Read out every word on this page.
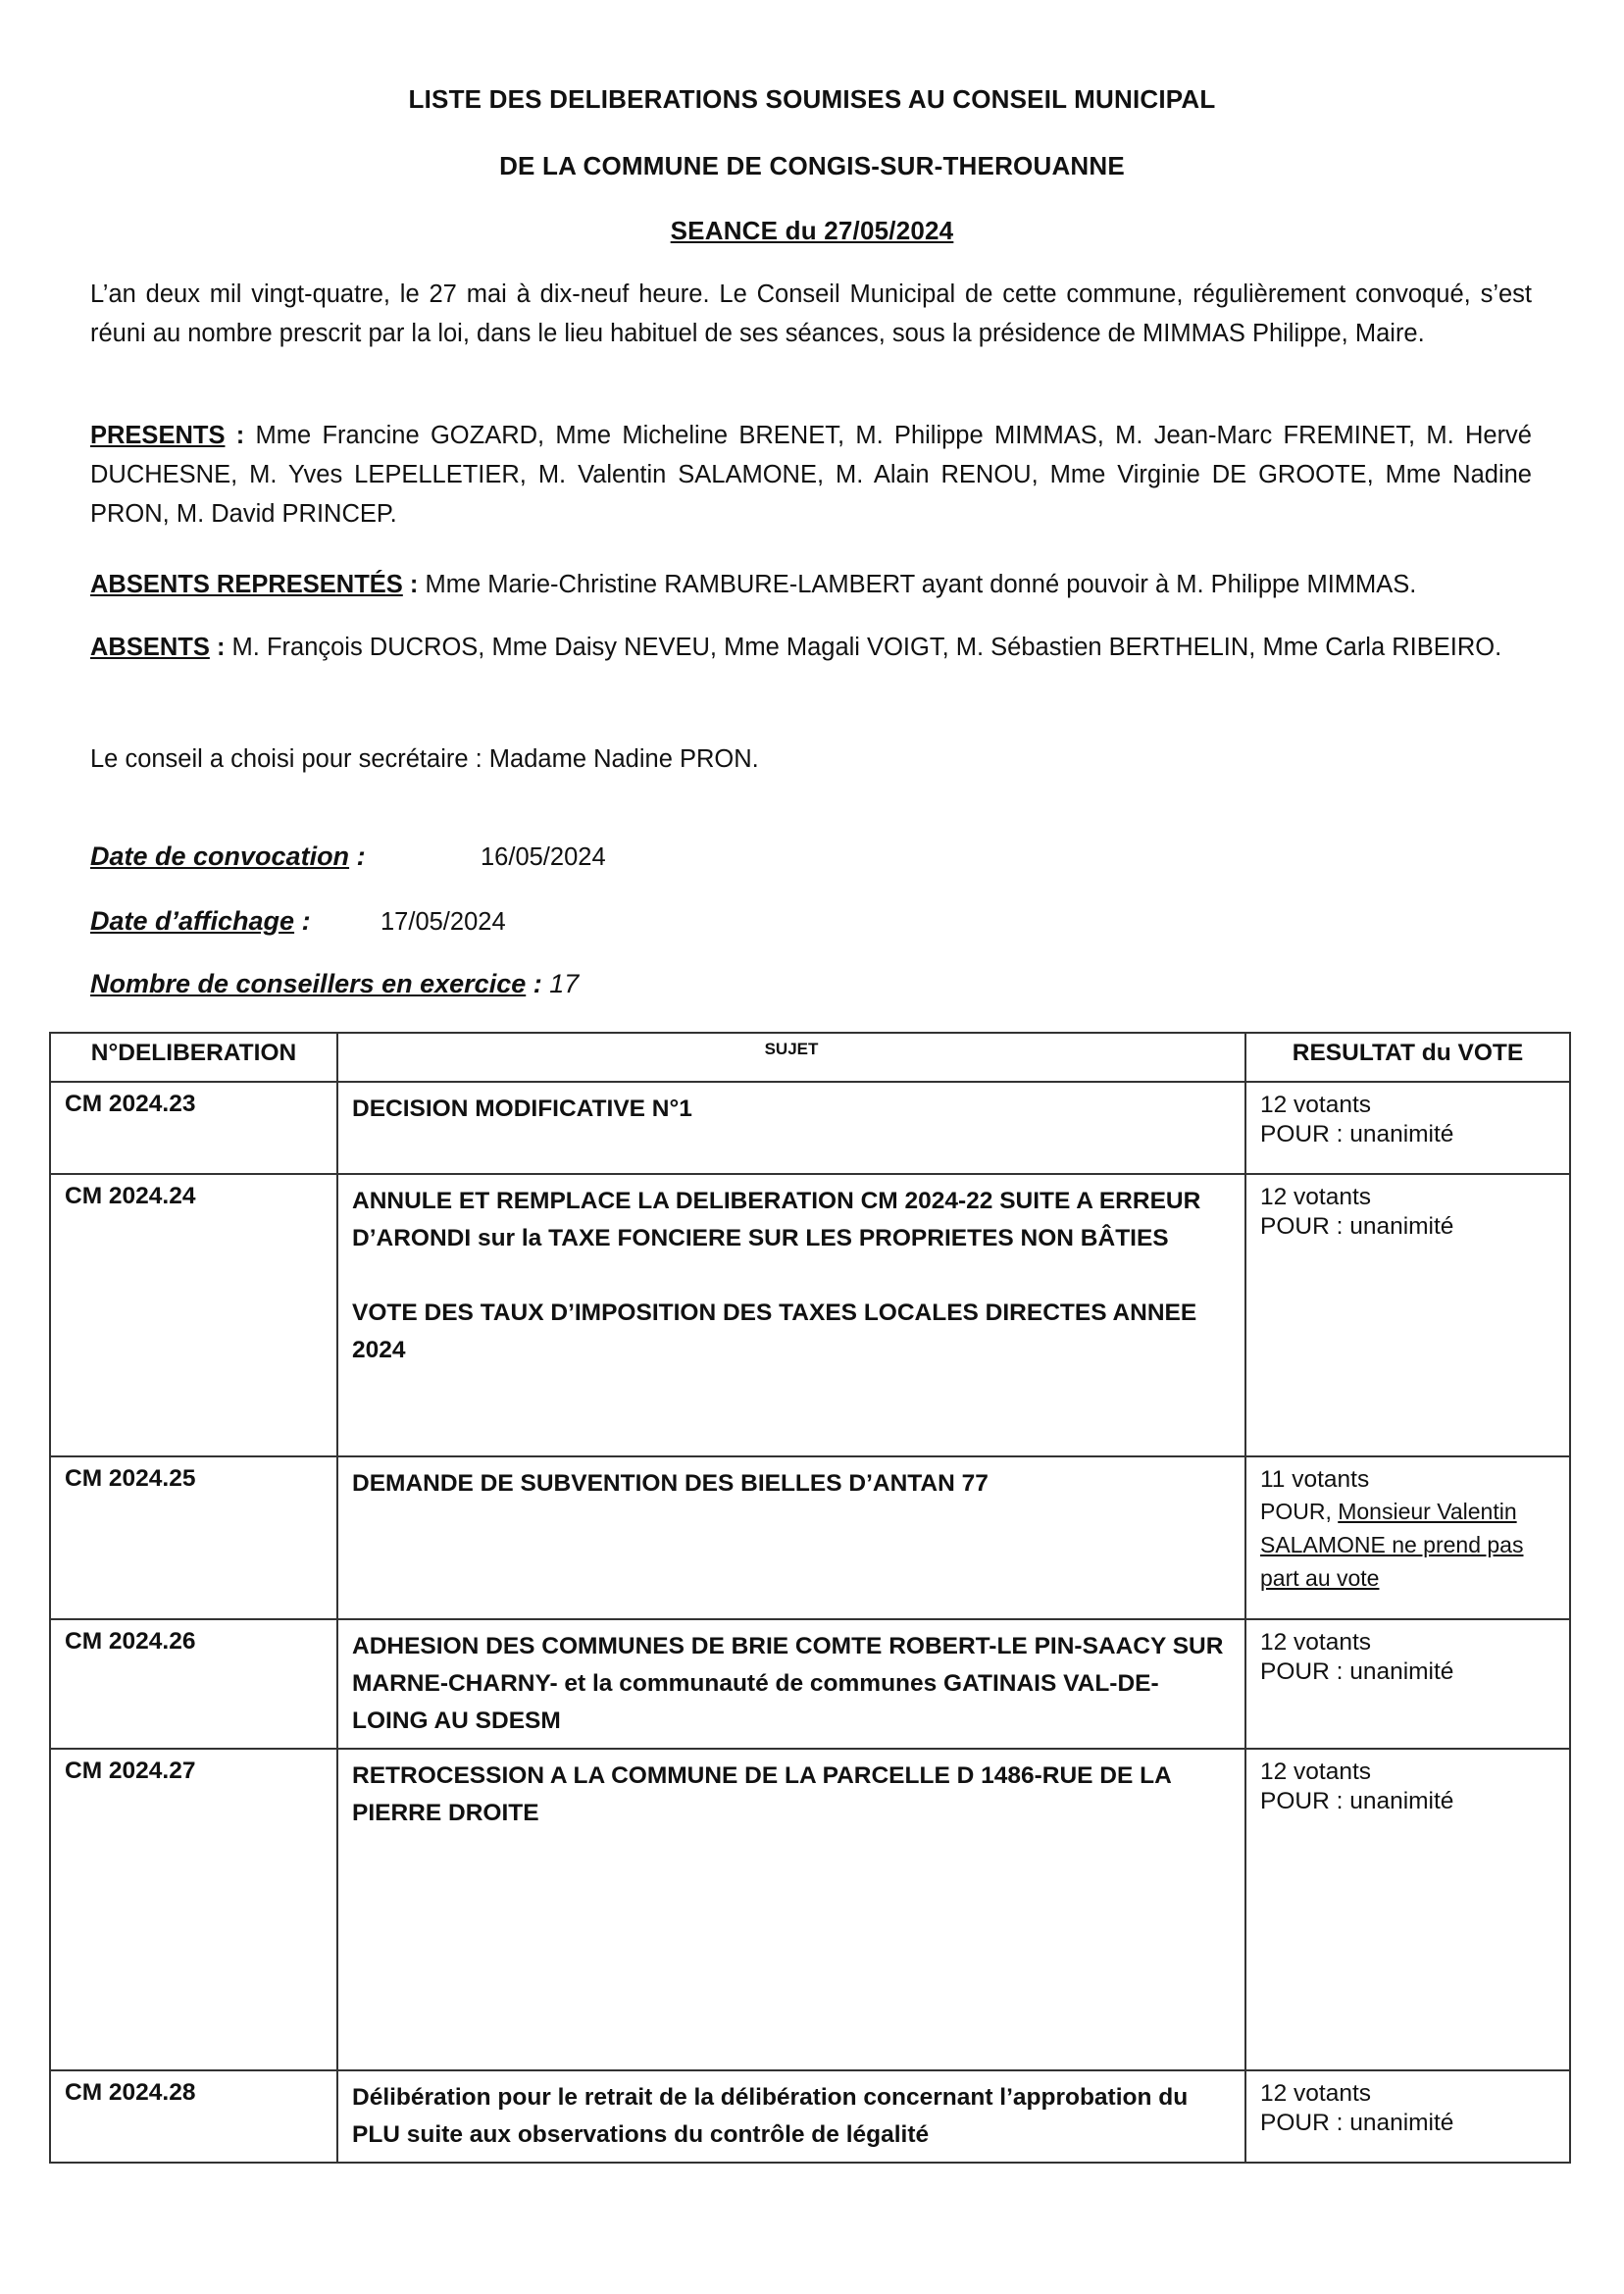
LISTE DES DELIBERATIONS SOUMISES AU CONSEIL MUNICIPAL
DE LA COMMUNE DE CONGIS-SUR-THEROUANNE
SEANCE du 27/05/2024

L’an deux mil vingt-quatre, le 27 mai à dix-neuf heure. Le Conseil Municipal de cette commune, régulièrement convoqué, s’est réuni au nombre prescrit par la loi, dans le lieu habituel de ses séances, sous la présidence de MIMMAS Philippe, Maire.

PRESENTS : Mme Francine GOZARD, Mme Micheline BRENET, M. Philippe MIMMAS, M. Jean-Marc FREMINET, M. Hervé DUCHESNE, M. Yves LEPELLETIER, M. Valentin SALAMONE, M. Alain RENOU, Mme Virginie DE GROOTE, Mme Nadine PRON, M. David PRINCEP.

ABSENTS REPRESENTÉS : Mme Marie-Christine RAMBURE-LAMBERT ayant donné pouvoir à M. Philippe MIMMAS.

ABSENTS : M. François DUCROS, Mme Daisy NEVEU, Mme Magali VOIGT, M. Sébastien BERTHELIN, Mme Carla RIBEIRO.

Le conseil a choisi pour secrétaire : Madame Nadine PRON.

Date de convocation :	16/05/2024
Date d’affichage :	17/05/2024
Nombre de conseillers en exercice : 17
N°DELIBERATION	SUJET	RESULTAT du VOTE
CM 2024.23	DECISION MODIFICATIVE N°1	12 votants
POUR : unanimité

CM 2024.24	ANNULE ET REMPLACE LA DELIBERATION CM 2024-22 SUITE A ERREUR D’ARONDI sur la TAXE FONCIERE SUR LES PROPRIETES NON BÂTIES
VOTE DES TAUX D’IMPOSITION DES TAXES LOCALES DIRECTES ANNEE 2024	12 votants
POUR : unanimité

CM 2024.25	DEMANDE DE SUBVENTION DES BIELLES D’ANTAN 77	11 votants
POUR, Monsieur Valentin SALAMONE ne prend pas part au vote
CM 2024.26	ADHESION DES COMMUNES DE BRIE COMTE ROBERT-LE PIN-SAACY SUR MARNE-CHARNY- et la communauté de communes GATINAIS VAL-DE-LOING AU SDESM	12 votants
POUR : unanimité

CM 2024.27	RETROCESSION A LA COMMUNE DE LA PARCELLE D 1486-RUE DE LA PIERRE DROITE	12 votants
POUR : unanimité

CM 2024.28	Délibération pour le retrait de la délibération concernant l’approbation du PLU suite aux observations du contrôle de légalité	12 votants
POUR : unanimité
